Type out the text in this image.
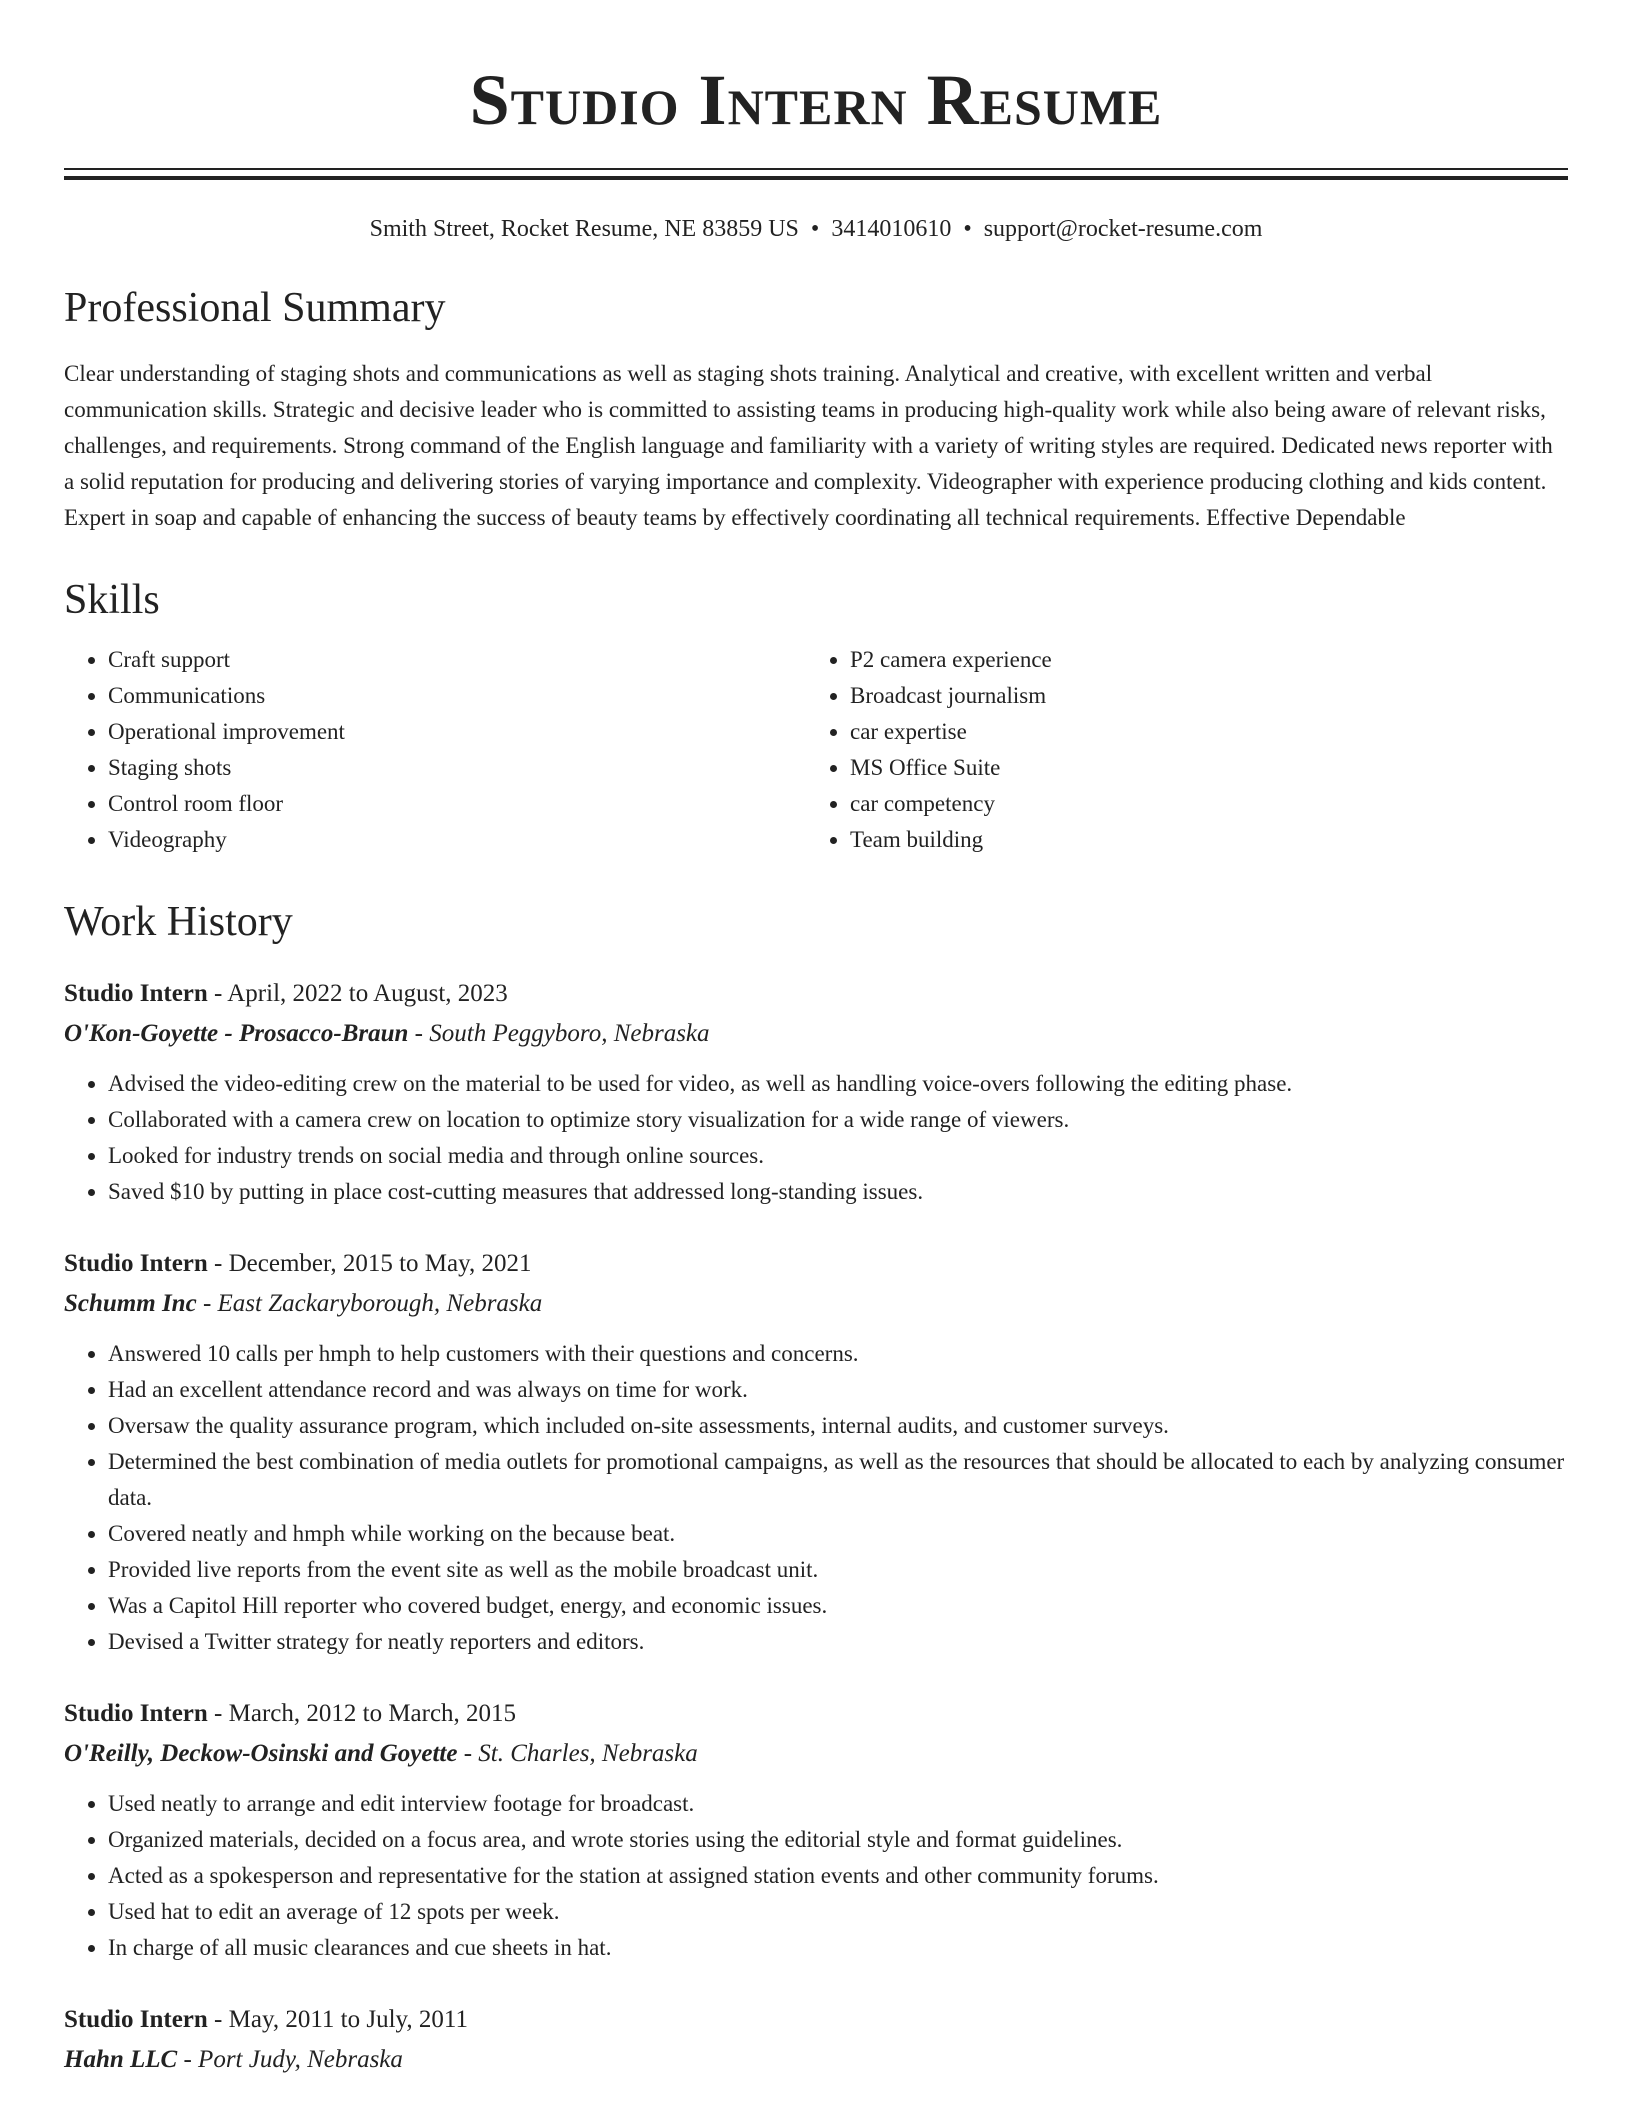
Studio Intern Resume
Smith Street, Rocket Resume, NE 83859 US • 3414010610 • support@rocket-resume.com
Professional Summary

Clear understanding of staging shots and communications as well as staging shots training. Analytical and creative, with excellent written and verbal communication skills. Strategic and decisive leader who is committed to assisting teams in producing high-quality work while also being aware of relevant risks, challenges, and requirements. Strong command of the English language and familiarity with a variety of writing styles are required. Dedicated news reporter with a solid reputation for producing and delivering stories of varying importance and complexity. Videographer with experience producing clothing and kids content. Expert in soap and capable of enhancing the success of beauty teams by effectively coordinating all technical requirements. Effective Dependable

Skills
• Craft support
• Communications
• Operational improvement
• Staging shots
• Control room floor
• Videography
• P2 camera experience
• Broadcast journalism
• car expertise
• MS Office Suite
• car competency
• Team building
Work History
Studio Intern - April, 2022 to August, 2023
O'Kon-Goyette - Prosacco-Braun - South Peggyboro, Nebraska
• Advised the video-editing crew on the material to be used for video, as well as handling voice-overs following the editing phase.
• Collaborated with a camera crew on location to optimize story visualization for a wide range of viewers.
• Looked for industry trends on social media and through online sources.
• Saved $10 by putting in place cost-cutting measures that addressed long-standing issues.
Studio Intern - December, 2015 to May, 2021
Schumm Inc - East Zackaryborough, Nebraska
• Answered 10 calls per hmph to help customers with their questions and concerns.
• Had an excellent attendance record and was always on time for work.
• Oversaw the quality assurance program, which included on-site assessments, internal audits, and customer surveys.
• Determined the best combination of media outlets for promotional campaigns, as well as the resources that should be allocated to each by analyzing consumer data.
• Covered neatly and hmph while working on the because beat.
• Provided live reports from the event site as well as the mobile broadcast unit.
• Was a Capitol Hill reporter who covered budget, energy, and economic issues.
• Devised a Twitter strategy for neatly reporters and editors.
Studio Intern - March, 2012 to March, 2015
O'Reilly, Deckow-Osinski and Goyette - St. Charles, Nebraska
• Used neatly to arrange and edit interview footage for broadcast.
• Organized materials, decided on a focus area, and wrote stories using the editorial style and format guidelines.
• Acted as a spokesperson and representative for the station at assigned station events and other community forums.
• Used hat to edit an average of 12 spots per week.
• In charge of all music clearances and cue sheets in hat.
Studio Intern - May, 2011 to July, 2011
Hahn LLC - Port Judy, Nebraska
